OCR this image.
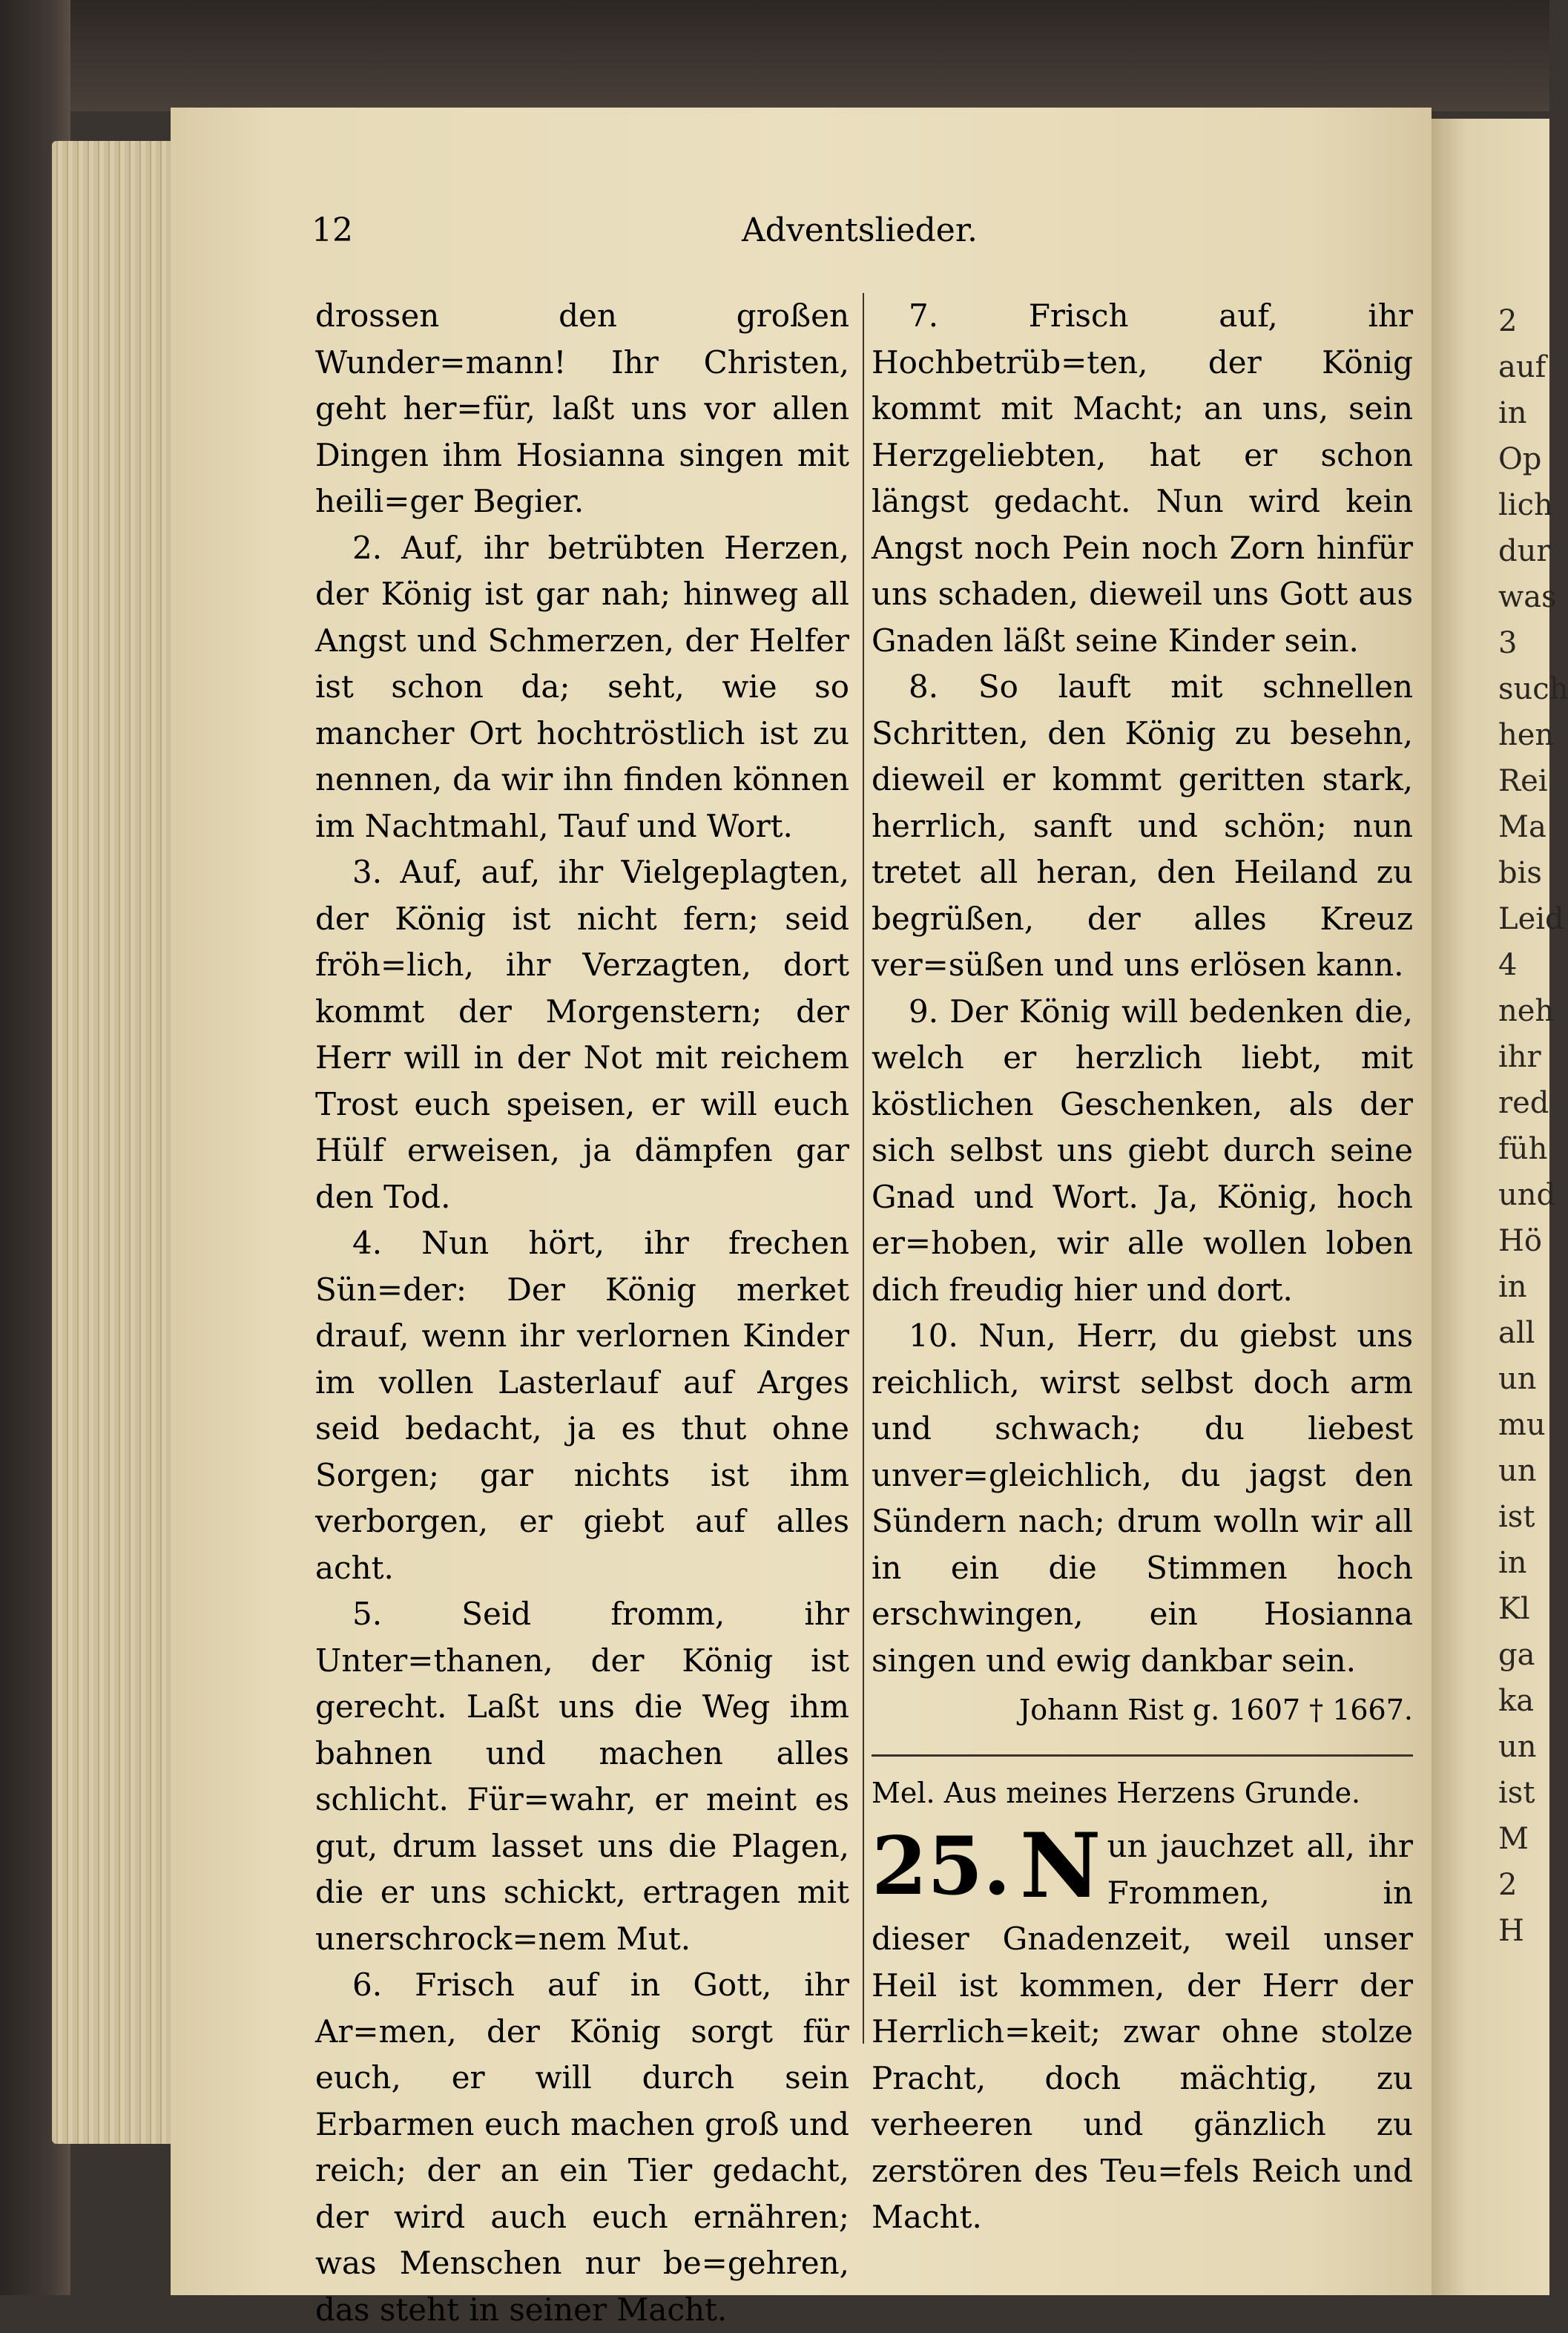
12	Adventslieder.

drossen den großen Wunder=mann! Ihr Christen, geht her=für, laßt uns vor allen Dingen ihm Hosianna singen mit heili=ger Begier.

2. Auf, ihr betrübten Herzen, der König ist gar nah; hinweg all Angst und Schmerzen, der Helfer ist schon da; seht, wie so mancher Ort hochtröstlich ist zu nennen, da wir ihn finden können im Nachtmahl, Tauf und Wort.

3. Auf, auf, ihr Vielgeplagten, der König ist nicht fern; seid fröh=lich, ihr Verzagten, dort kommt der Morgenstern; der Herr will in der Not mit reichem Trost euch speisen, er will euch Hülf erweisen, ja dämpfen gar den Tod.

4. Nun hört, ihr frechen Sün=der: Der König merket drauf, wenn ihr verlornen Kinder im vollen Lasterlauf auf Arges seid bedacht, ja es thut ohne Sorgen; gar nichts ist ihm verborgen, er giebt auf alles acht.

5. Seid fromm, ihr Unter=thanen, der König ist gerecht. Laßt uns die Weg ihm bahnen und machen alles schlicht. Für=wahr, er meint es gut, drum lasset uns die Plagen, die er uns schickt, ertragen mit unerschrock=nem Mut.

6. Frisch auf in Gott, ihr Ar=men, der König sorgt für euch, er will durch sein Erbarmen euch machen groß und reich; der an ein Tier gedacht, der wird auch euch ernähren; was Menschen nur be=gehren, das steht in seiner Macht.

7. Frisch auf, ihr Hochbetrüb=ten, der König kommt mit Macht; an uns, sein Herzgeliebten, hat er schon längst gedacht. Nun wird kein Angst noch Pein noch Zorn hinfür uns schaden, dieweil uns Gott aus Gnaden läßt seine Kinder sein.

8. So lauft mit schnellen Schritten, den König zu besehn, dieweil er kommt geritten stark, herrlich, sanft und schön; nun tretet all heran, den Heiland zu begrüßen, der alles Kreuz ver=süßen und uns erlösen kann.

9. Der König will bedenken die, welch er herzlich liebt, mit köstlichen Geschenken, als der sich selbst uns giebt durch seine Gnad und Wort. Ja, König, hoch er=hoben, wir alle wollen loben dich freudig hier und dort.

10. Nun, Herr, du giebst uns reichlich, wirst selbst doch arm und schwach; du liebest unver=gleichlich, du jagst den Sündern nach; drum wolln wir all in ein die Stimmen hoch erschwingen, ein Hosianna singen und ewig dankbar sein.

Johann Rist g. 1607 † 1667.
Mel. Aus meines Herzens Grunde.
25. N un jauchzet all, ihr Frommen, in dieser Gnadenzeit, weil unser Heil ist kommen, der Herr der Herrlich=keit; zwar ohne stolze Pracht, doch mächtig, zu verheeren und gänzlich zu zerstören des Teu=fels Reich und Macht.
2
auf
in
Op
lich
dur
was
3
such
hen
Rei
Ma
bis
Leid
4
neh
ihr
red
füh
und
Hö
in
all
un
mu
un
ist
in
Kl
ga
ka
un
ist
M
2
H
